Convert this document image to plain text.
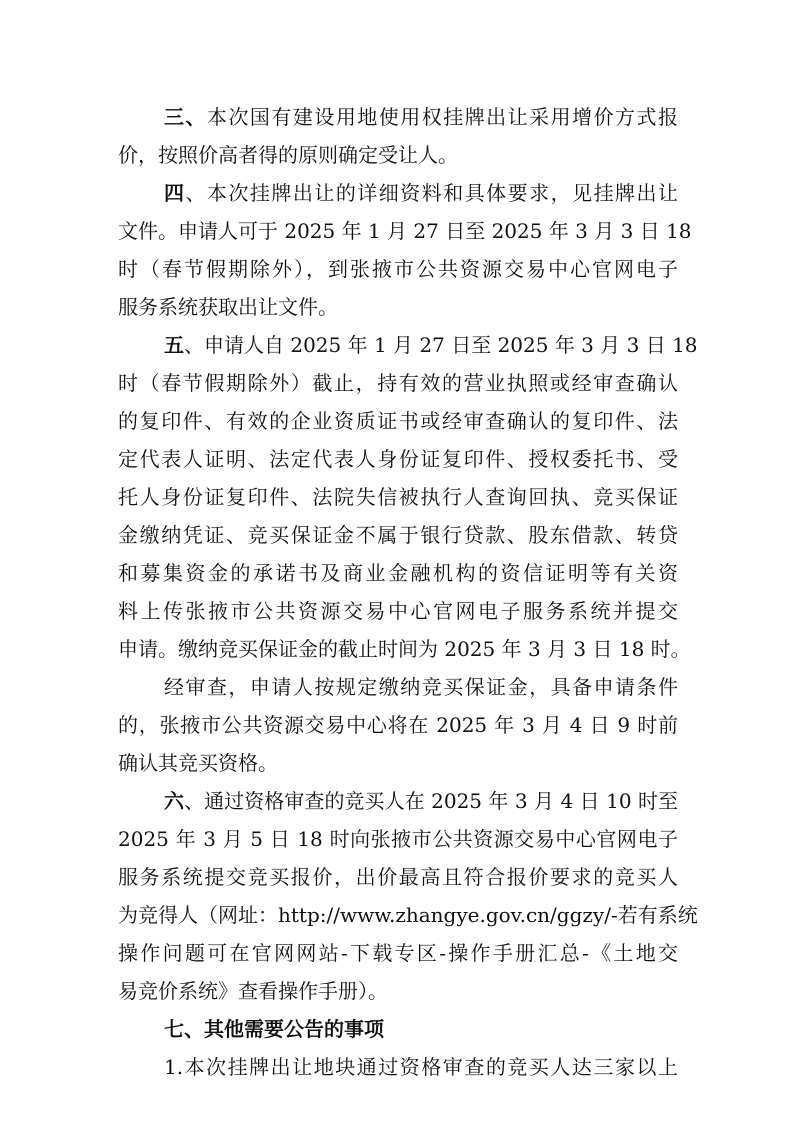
三、本次国有建设用地使用权挂牌出让采用增价方式报
价，按照价高者得的原则确定受让人。
四、本次挂牌出让的详细资料和具体要求，见挂牌出让
文件。申请人可于 2025 年 1 月 27 日至 2025 年 3 月 3 日 18
时（春节假期除外），到张掖市公共资源交易中心官网电子
服务系统获取出让文件。
五、申请人自 2025 年 1 月 27 日至 2025 年 3 月 3 日 18
时（春节假期除外）截止，持有效的营业执照或经审查确认
的复印件、有效的企业资质证书或经审查确认的复印件、法
定代表人证明、法定代表人身份证复印件、授权委托书、受
托人身份证复印件、法院失信被执行人查询回执、竞买保证
金缴纳凭证、竞买保证金不属于银行贷款、股东借款、转贷
和募集资金的承诺书及商业金融机构的资信证明等有关资
料上传张掖市公共资源交易中心官网电子服务系统并提交
申请。缴纳竞买保证金的截止时间为 2025 年 3 月 3 日 18 时。
经审查，申请人按规定缴纳竞买保证金，具备申请条件
的，张掖市公共资源交易中心将在 2025 年 3 月 4 日 9 时前
确认其竞买资格。
六、通过资格审查的竞买人在 2025 年 3 月 4 日 10 时至
2025 年 3 月 5 日 18 时向张掖市公共资源交易中心官网电子
服务系统提交竞买报价，出价最高且符合报价要求的竞买人
为竞得人（网址：http://www.zhangye.gov.cn/ggzy/-若有系统
操作问题可在官网网站-下载专区-操作手册汇总-《土地交
易竞价系统》查看操作手册）。
七、其他需要公告的事项
1.本次挂牌出让地块通过资格审查的竞买人达三家以上
